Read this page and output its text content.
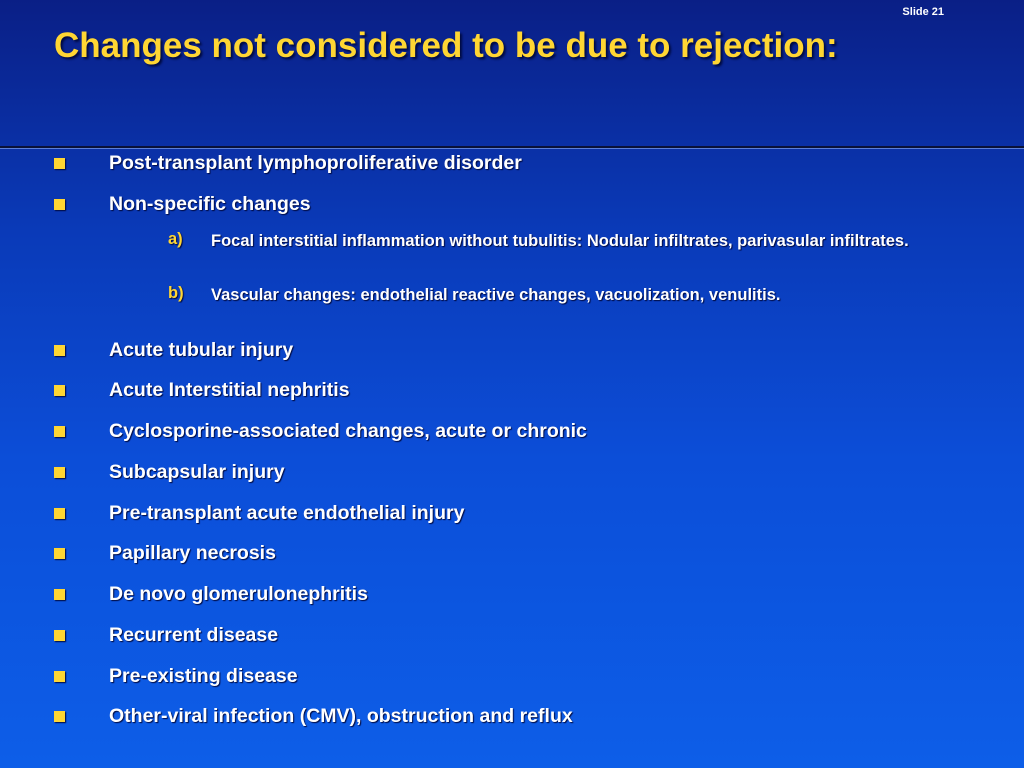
Slide 21
Changes not considered to be due to rejection:
Post-transplant lymphoproliferative disorder
Non-specific changes
a) Focal interstitial inflammation without tubulitis: Nodular infiltrates, parivasular infiltrates.
b) Vascular changes: endothelial reactive changes, vacuolization, venulitis.
Acute tubular injury
Acute Interstitial nephritis
Cyclosporine-associated changes, acute or chronic
Subcapsular injury
Pre-transplant acute endothelial injury
Papillary necrosis
De novo glomerulonephritis
Recurrent disease
Pre-existing disease
Other-viral infection (CMV), obstruction and reflux
